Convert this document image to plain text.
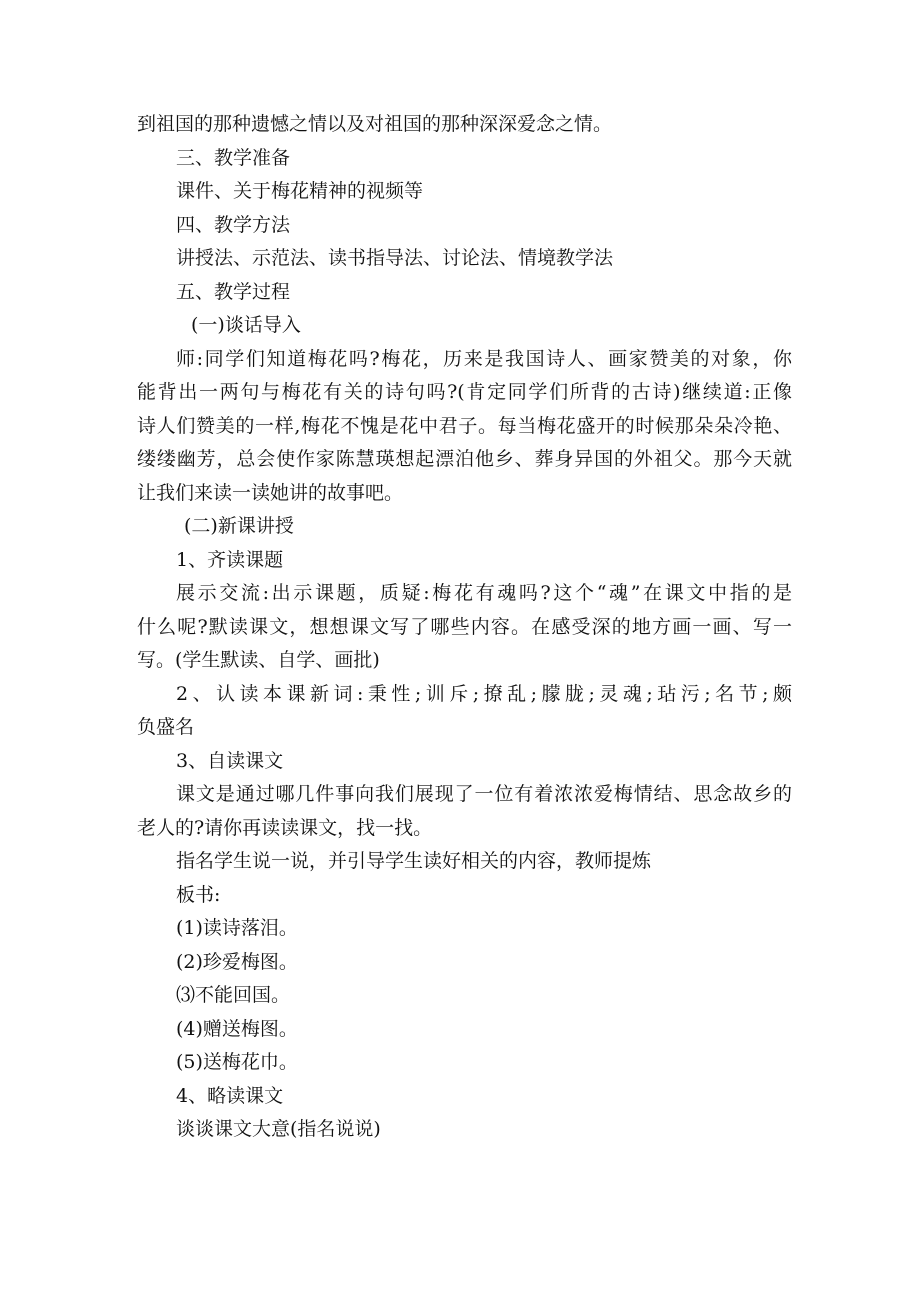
到祖国的那种遗憾之情以及对祖国的那种深深爱念之情。
三、教学准备
课件、关于梅花精神的视频等
四、教学方法
讲授法、示范法、读书指导法、讨论法、情境教学法
五、教学过程
(一)谈话导入
师:同学们知道梅花吗?梅花，历来是我国诗人、画家赞美的对象，你
能背出一两句与梅花有关的诗句吗?(肯定同学们所背的古诗)继续道:正像
诗人们赞美的一样,梅花不愧是花中君子。每当梅花盛开的时候那朵朵冷艳、
缕缕幽芳，总会使作家陈慧瑛想起漂泊他乡、葬身异国的外祖父。那今天就
让我们来读一读她讲的故事吧。
(二)新课讲授
1、齐读课题
展示交流:出示课题，质疑:梅花有魂吗?这个“魂”在课文中指的是
什么呢?默读课文，想想课文写了哪些内容。在感受深的地方画一画、写一
写。(学生默读、自学、画批)
2、认读本课新词:秉性;训斥;撩乱;朦胧;灵魂;玷污;名节;颇
负盛名
3、自读课文
课文是通过哪几件事向我们展现了一位有着浓浓爱梅情结、思念故乡的
老人的?请你再读读课文，找一找。
指名学生说一说，并引导学生读好相关的内容，教师提炼
板书:
(1)读诗落泪。
(2)珍爱梅图。
⑶不能回国。
(4)赠送梅图。
(5)送梅花巾。
4、略读课文
谈谈课文大意(指名说说)
